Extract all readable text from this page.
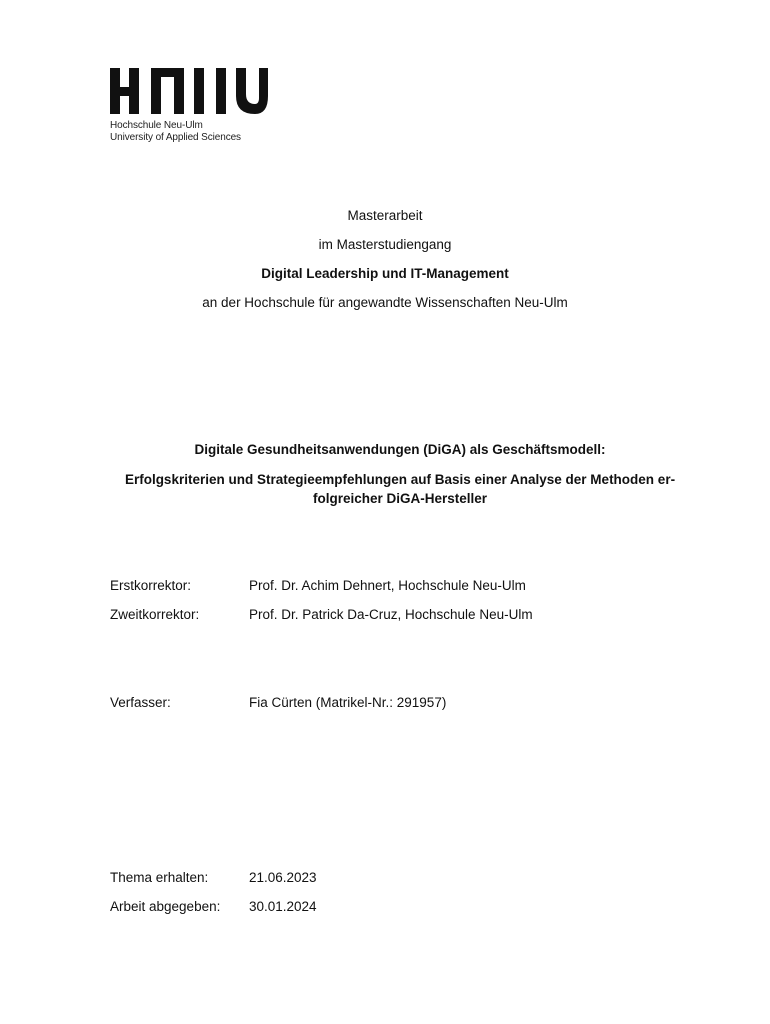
Hochschule Neu-Ulm
University of Applied Sciences
Masterarbeit
im Masterstudiengang
Digital Leadership und IT-Management
an der Hochschule für angewandte Wissenschaften Neu-Ulm
Digitale Gesundheitsanwendungen (DiGA) als Geschäftsmodell:
Erfolgskriterien und Strategieempfehlungen auf Basis einer Analyse der Methoden er-
folgreicher DiGA-Hersteller
Erstkorrektor:	Prof. Dr. Achim Dehnert, Hochschule Neu-Ulm
Zweitkorrektor:	Prof. Dr. Patrick Da-Cruz, Hochschule Neu-Ulm
Verfasser:	Fia Cürten (Matrikel-Nr.: 291957)
Thema erhalten:	21.06.2023
Arbeit abgegeben: 30.01.2024
